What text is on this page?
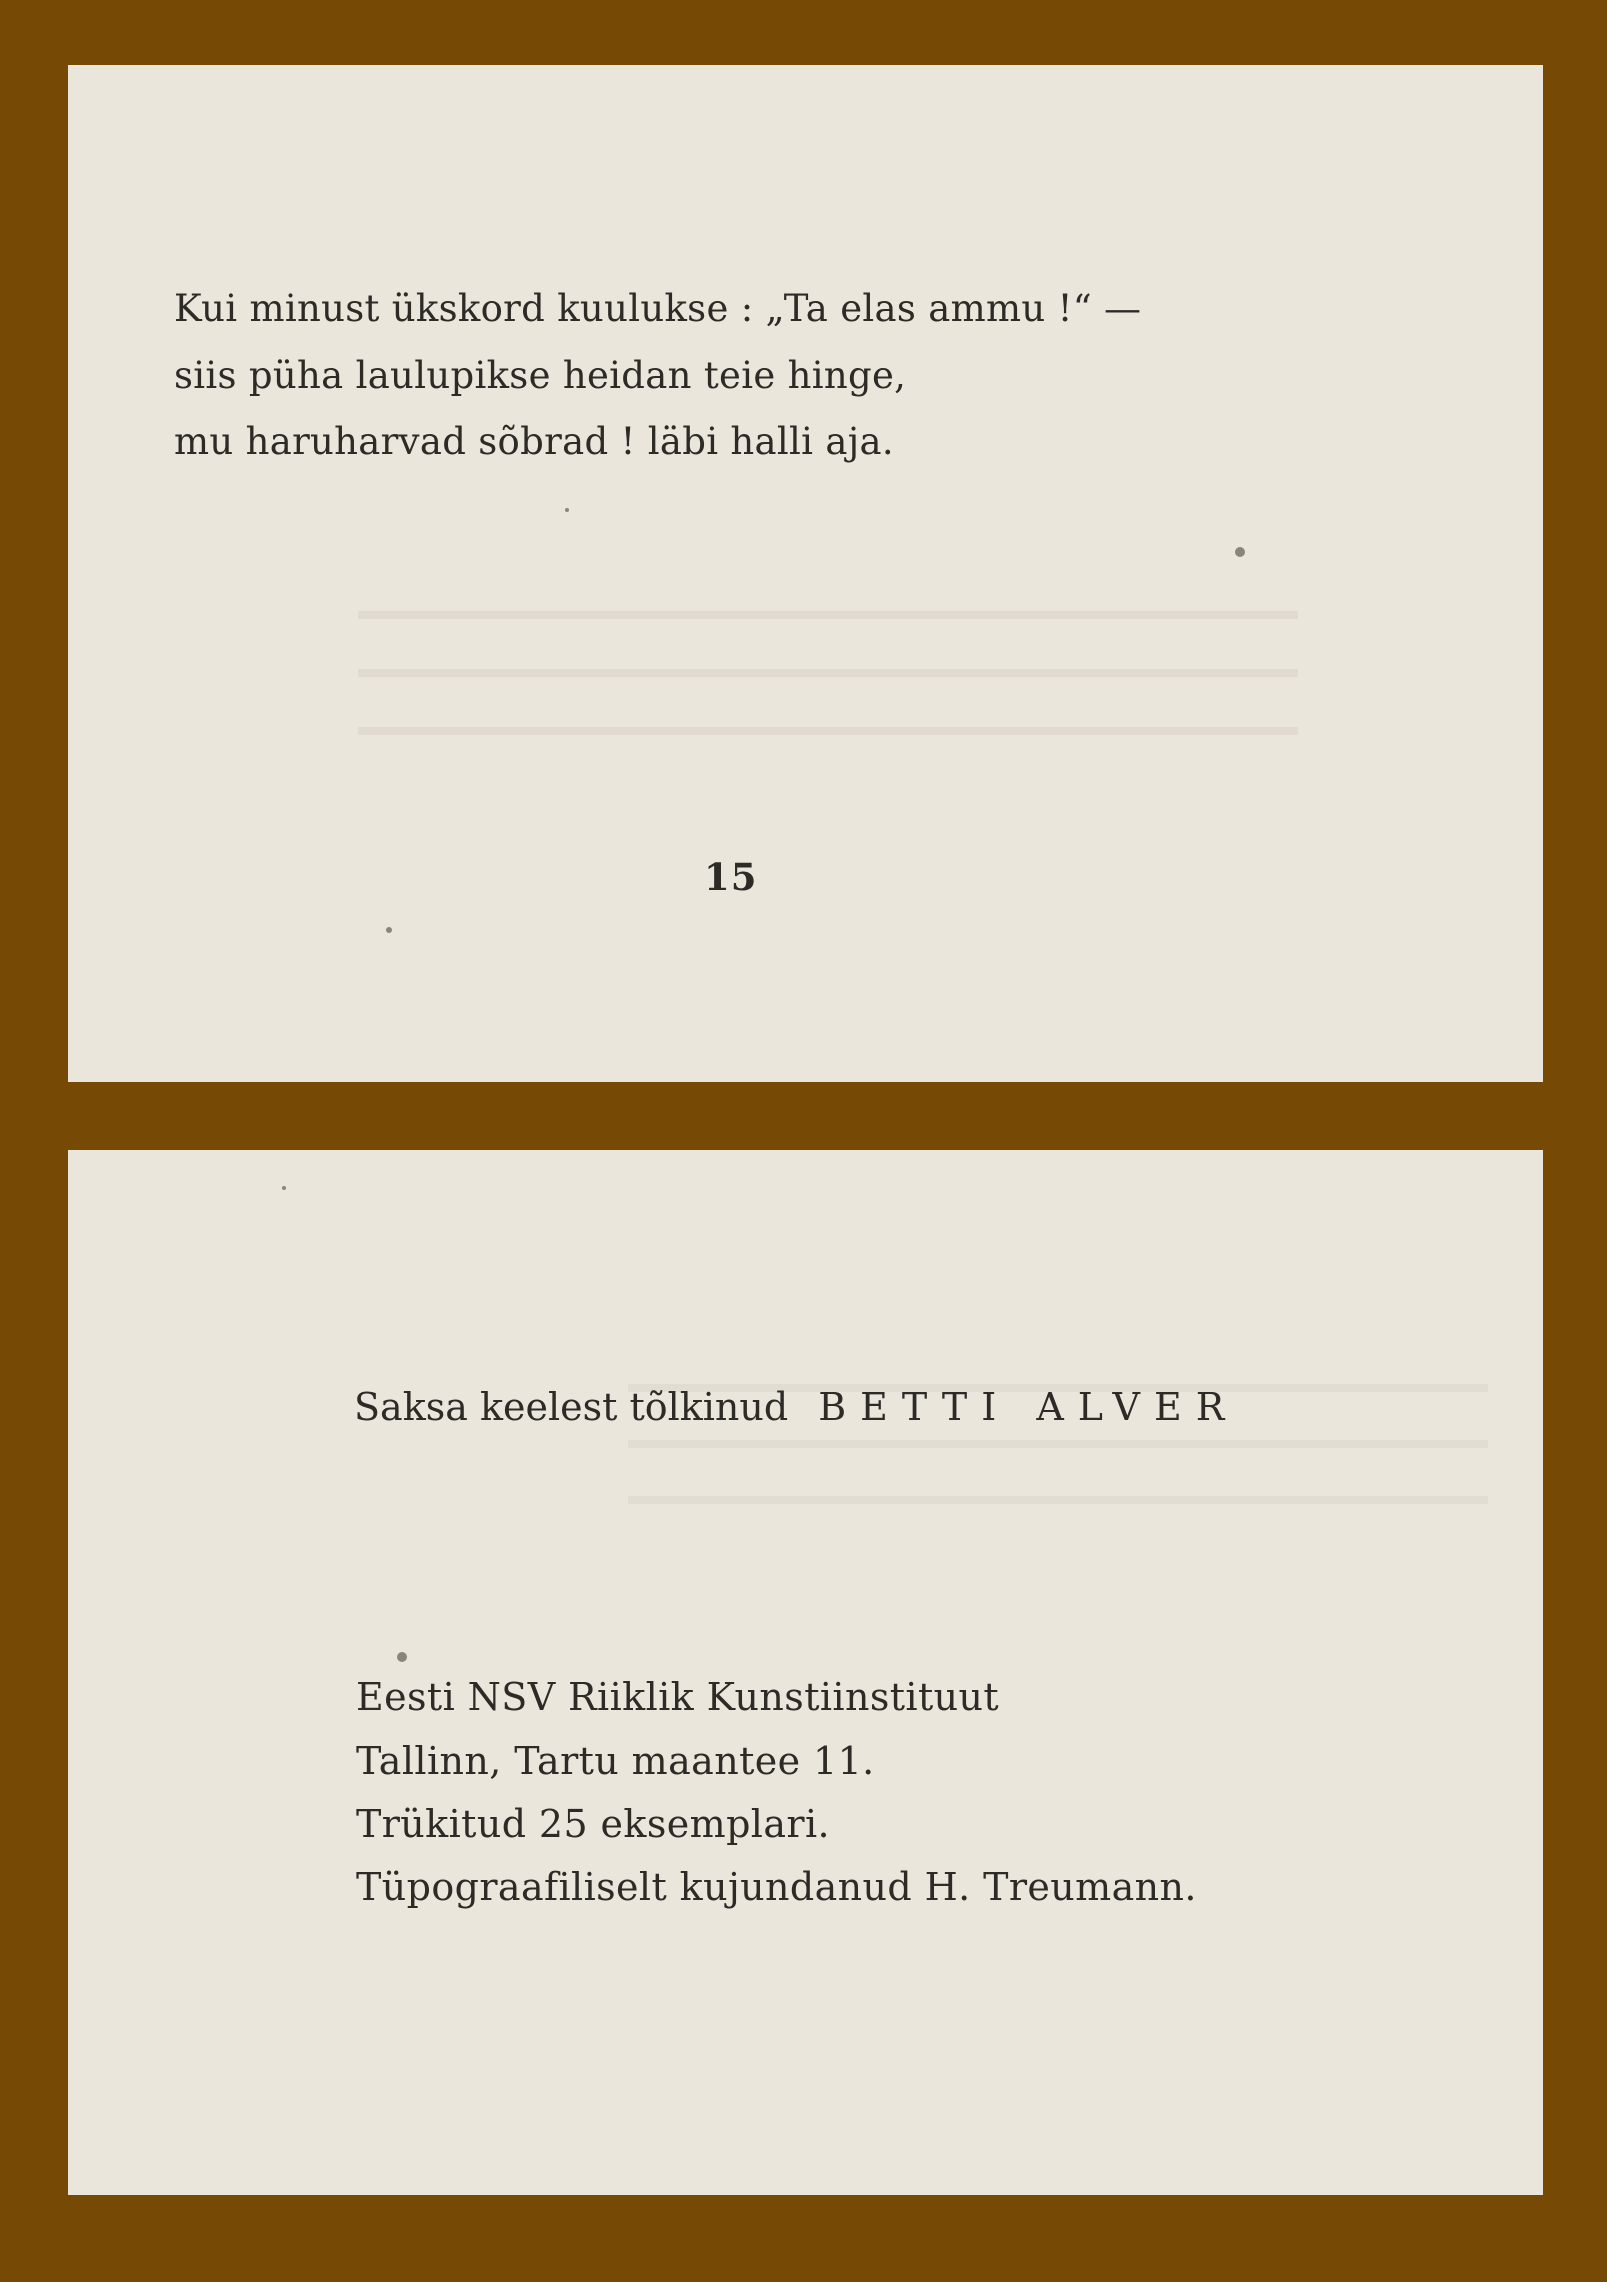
Kui minust ükskord kuulukse : „Ta elas ammu !“ —
siis püha laulupikse heidan teie hinge,
mu haruharvad sõbrad ! läbi halli aja.
15
Saksa keelest tõlkinud BETTI ALVER
Eesti NSV Riiklik Kunstiinstituut
Tallinn, Tartu maantee 11.
Trükitud 25 eksemplari.
Tüpograafiliselt kujundanud H. Treumann.
